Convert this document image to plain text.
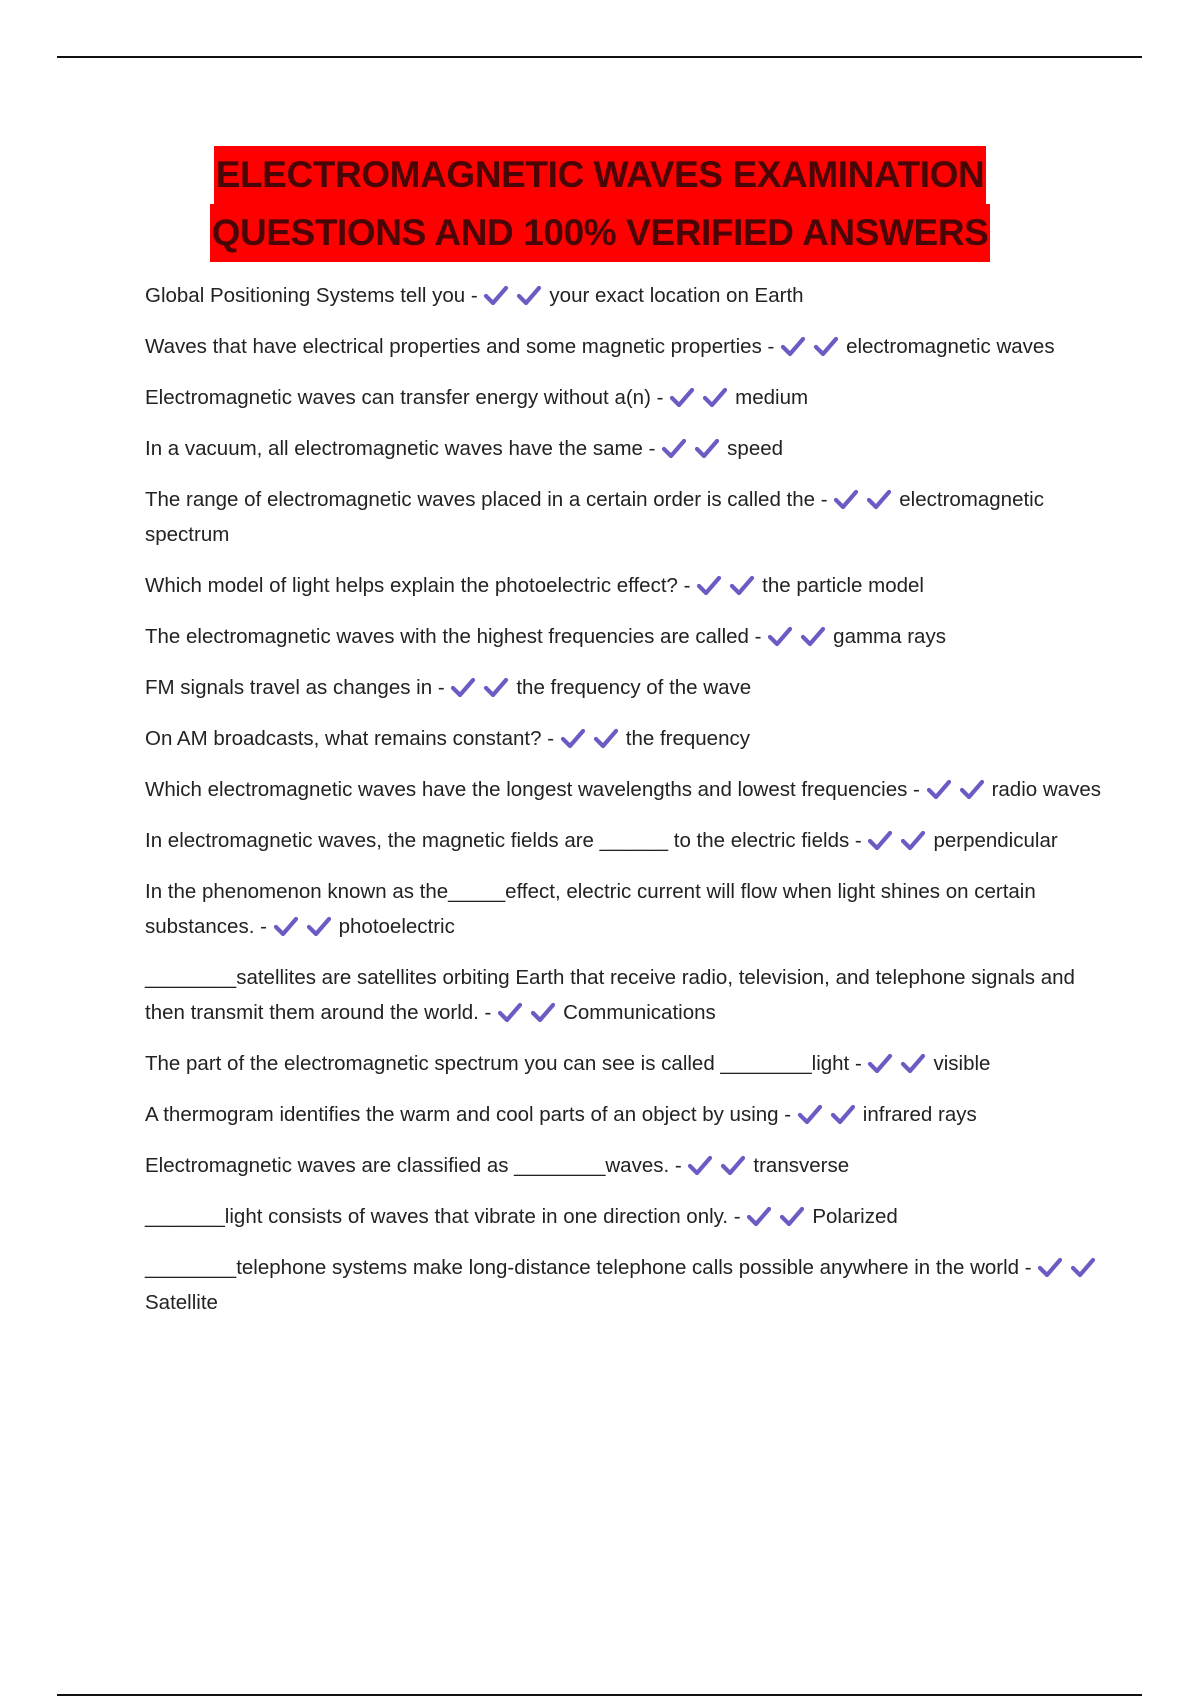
ELECTROMAGNETIC WAVES EXAMINATION
QUESTIONS AND 100% VERIFIED ANSWERS
Global Positioning Systems tell you -	your exact location on Earth
Waves that have electrical properties and some magnetic properties -	electromagnetic waves
Electromagnetic waves can transfer energy without a(n) -	medium
In a vacuum, all electromagnetic waves have the same -	speed
The range of electromagnetic waves placed in a certain order is called the -	electromagnetic spectrum
Which model of light helps explain the photoelectric effect? -	the particle model
The electromagnetic waves with the highest frequencies are called -	gamma rays
FM signals travel as changes in -	the frequency of the wave
On AM broadcasts, what remains constant? -	the frequency
Which electromagnetic waves have the longest wavelengths and lowest frequencies -	radio waves
In electromagnetic waves, the magnetic fields are ______ to the electric fields -	perpendicular
In the phenomenon known as the_____effect, electric current will flow when light shines on certain substances. -	photoelectric
________satellites are satellites orbiting Earth that receive radio, television, and telephone signals and then transmit them around the world. -	Communications
The part of the electromagnetic spectrum you can see is called ________light -	visible
A thermogram identifies the warm and cool parts of an object by using -	infrared rays
Electromagnetic waves are classified as ________waves. -	transverse
_______light consists of waves that vibrate in one direction only. -	Polarized
________telephone systems make long-distance telephone calls possible anywhere in the world -
Satellite
